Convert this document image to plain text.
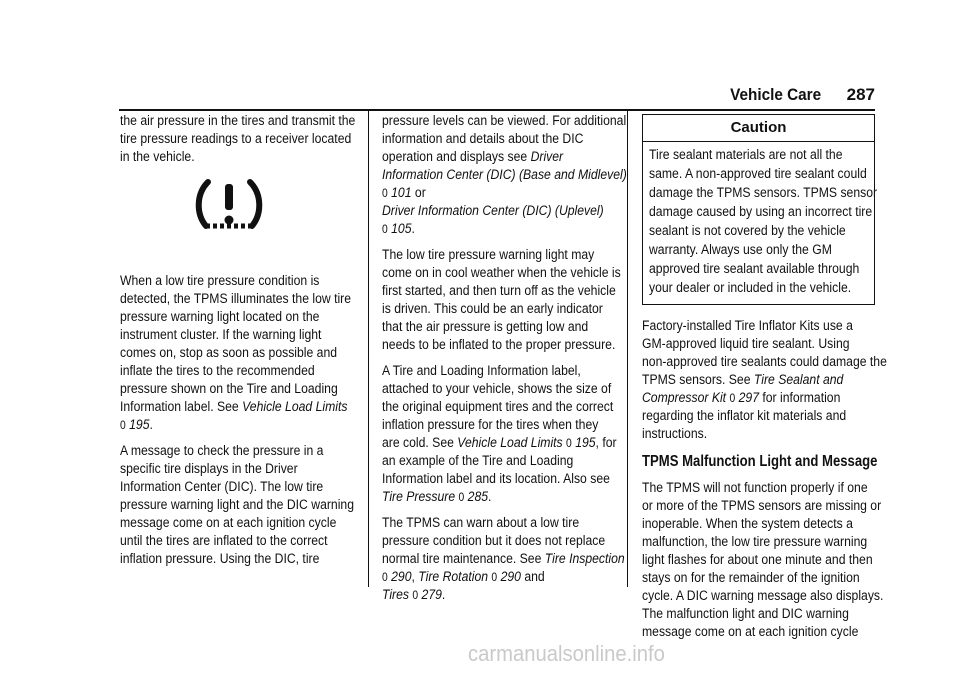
Vehicle Care 287

the air pressure in the tires and transmit the
tire pressure readings to a receiver located
in the vehicle.

When a low tire pressure condition is
detected, the TPMS illuminates the low tire
pressure warning light located on the
instrument cluster. If the warning light
comes on, stop as soon as possible and
inflate the tires to the recommended
pressure shown on the Tire and Loading
Information label. See Vehicle Load Limits
0 195.

A message to check the pressure in a
specific tire displays in the Driver
Information Center (DIC). The low tire
pressure warning light and the DIC warning
message come on at each ignition cycle
until the tires are inflated to the correct
inflation pressure. Using the DIC, tire

pressure levels can be viewed. For additional
information and details about the DIC
operation and displays see Driver
Information Center (DIC) (Base and Midlevel)
0 101 or
Driver Information Center (DIC) (Uplevel)
0 105.

The low tire pressure warning light may
come on in cool weather when the vehicle is
first started, and then turn off as the vehicle
is driven. This could be an early indicator
that the air pressure is getting low and
needs to be inflated to the proper pressure.

A Tire and Loading Information label,
attached to your vehicle, shows the size of
the original equipment tires and the correct
inflation pressure for the tires when they
are cold. See Vehicle Load Limits 0 195, for
an example of the Tire and Loading
Information label and its location. Also see
Tire Pressure 0 285.

The TPMS can warn about a low tire
pressure condition but it does not replace
normal tire maintenance. See Tire Inspection
0 290, Tire Rotation 0 290 and
Tires 0 279.

Caution
Tire sealant materials are not all the
same. A non-approved tire sealant could
damage the TPMS sensors. TPMS sensor
damage caused by using an incorrect tire
sealant is not covered by the vehicle
warranty. Always use only the GM
approved tire sealant available through
your dealer or included in the vehicle.

Factory-installed Tire Inflator Kits use a
GM-approved liquid tire sealant. Using
non-approved tire sealants could damage the
TPMS sensors. See Tire Sealant and
Compressor Kit 0 297 for information
regarding the inflator kit materials and
instructions.

TPMS Malfunction Light and Message

The TPMS will not function properly if one
or more of the TPMS sensors are missing or
inoperable. When the system detects a
malfunction, the low tire pressure warning
light flashes for about one minute and then
stays on for the remainder of the ignition
cycle. A DIC warning message also displays.
The malfunction light and DIC warning
message come on at each ignition cycle

carmanualsonline.info
